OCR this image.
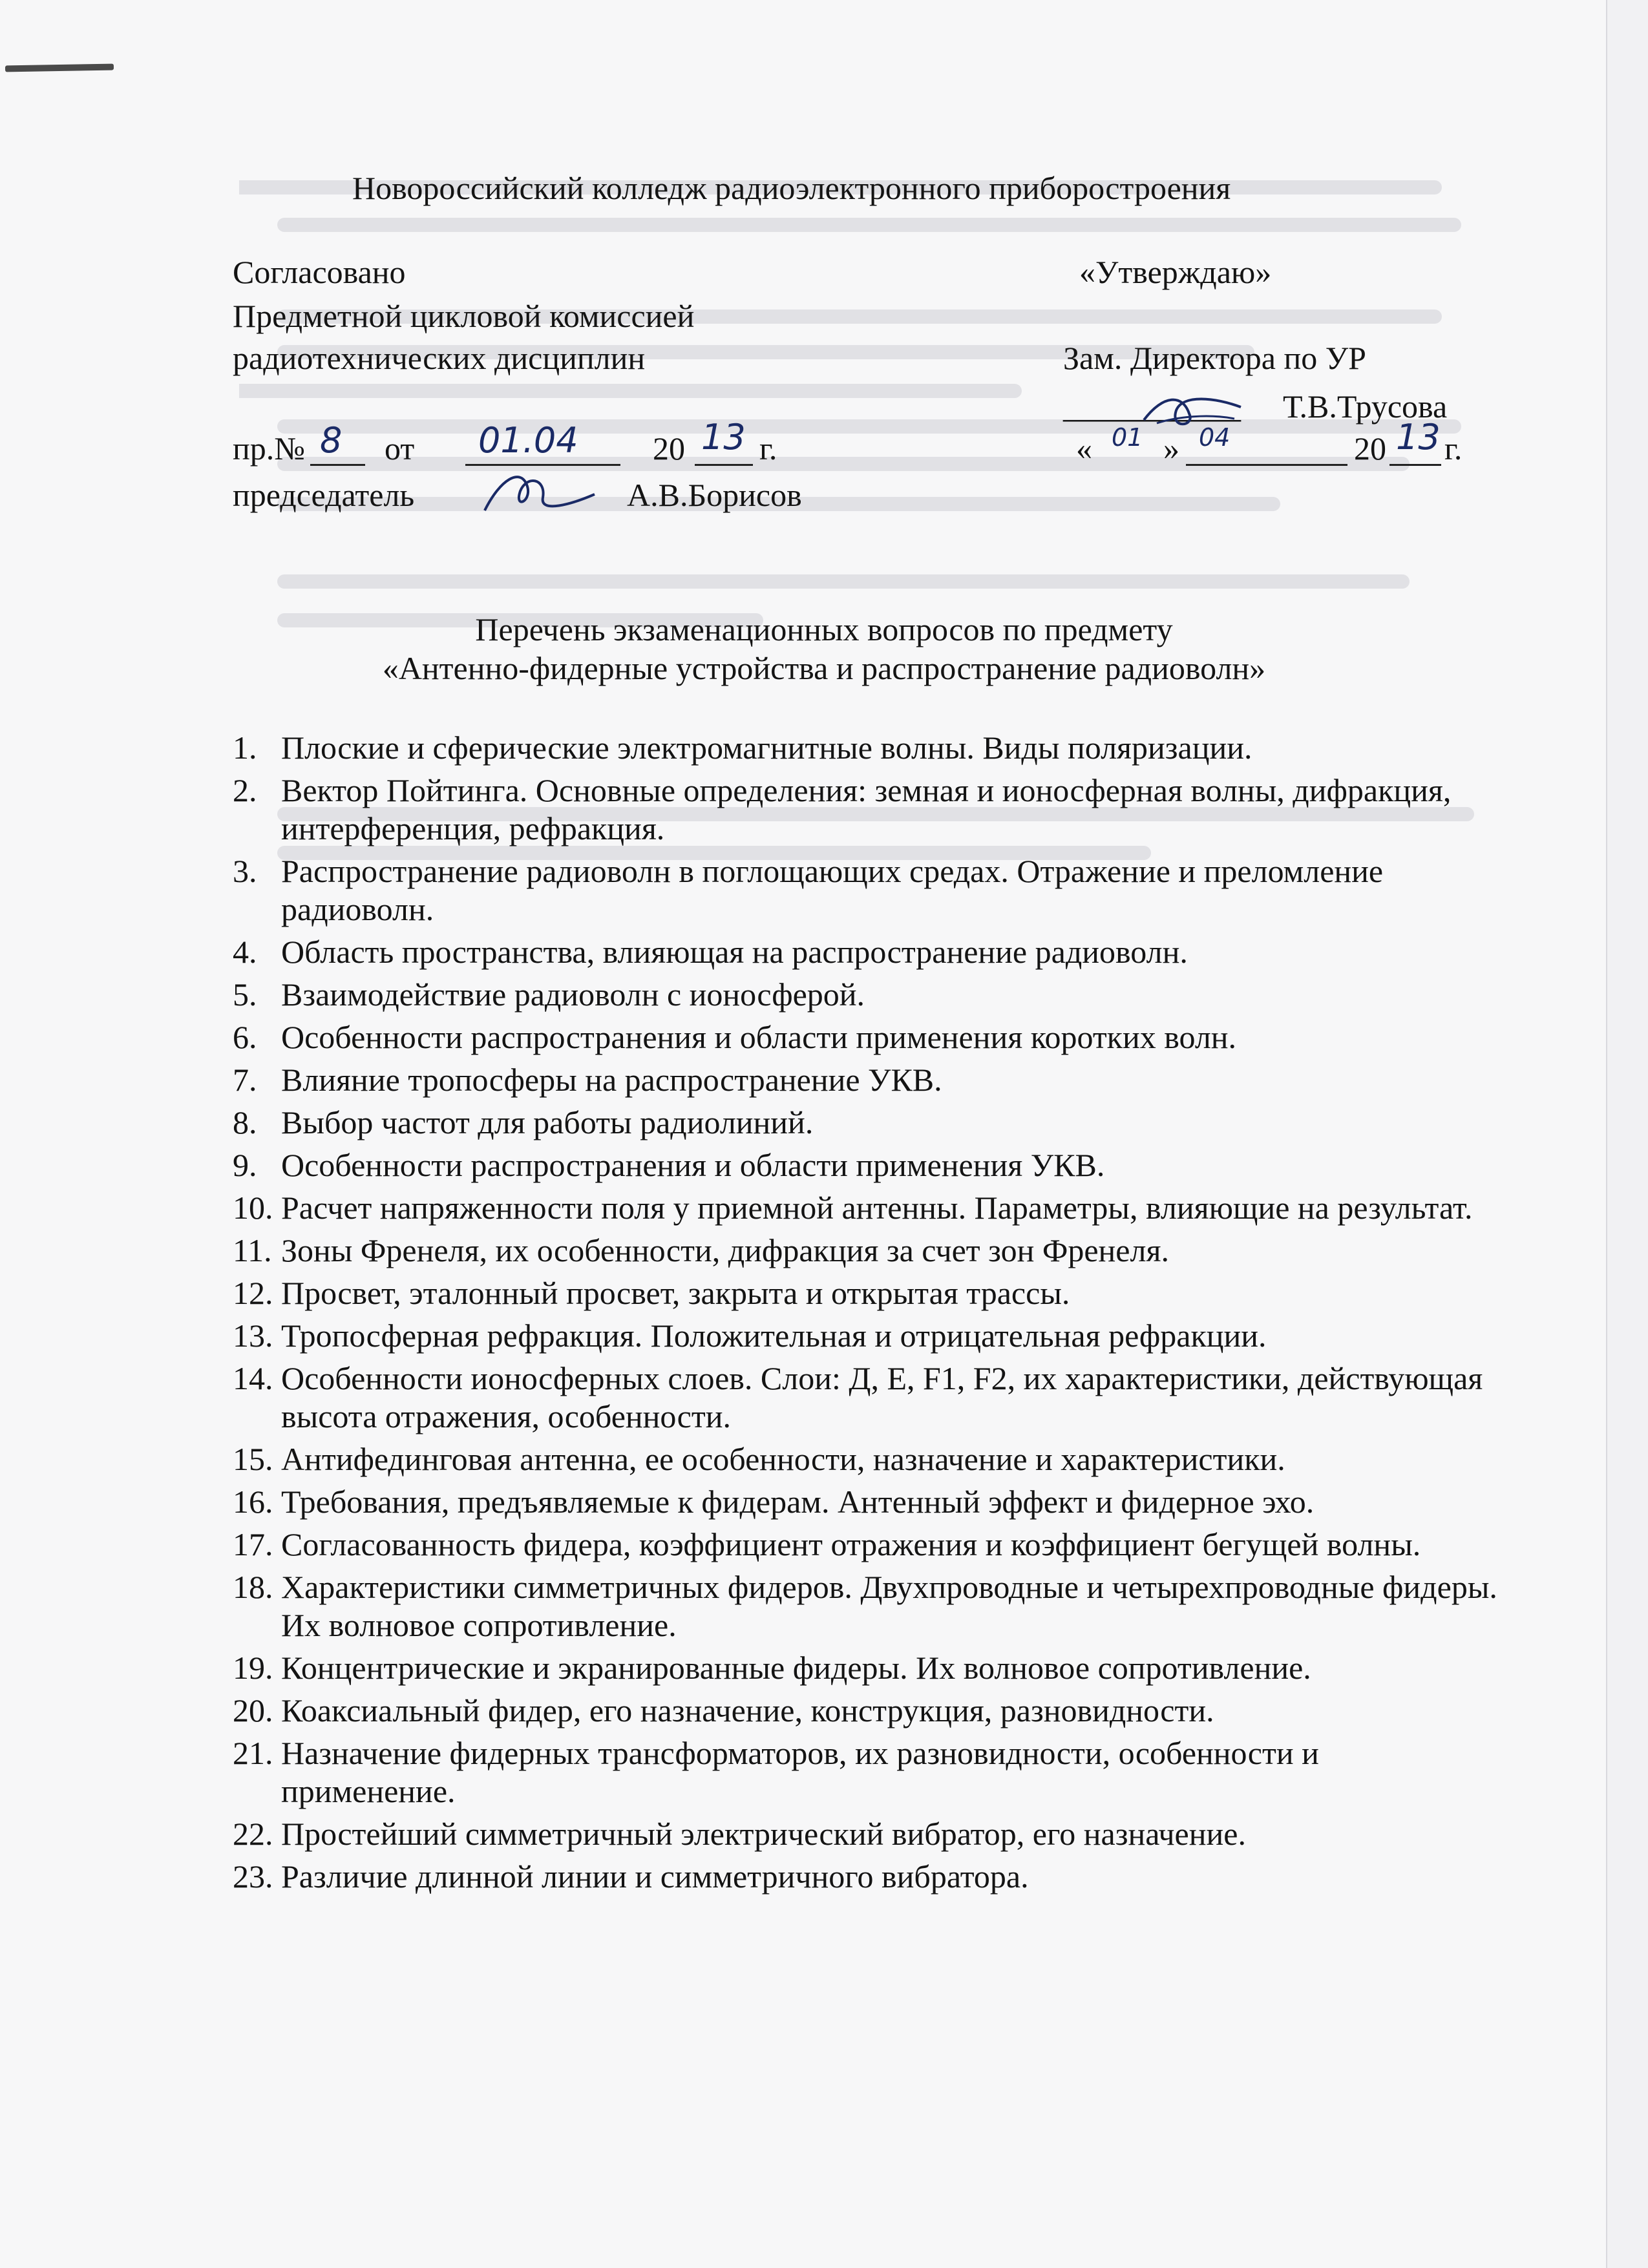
Новороссийский колледж радиоэлектронного приборостроения
Согласовано	«Утверждаю»
Предметной цикловой комиссией
радиотехнических дисциплин	Зам. Директора по УР
___________ Т.В.Трусова
пр.№ 8 от 01.04 20 13 г.	« 01 » 04	20 13 г.
председатель	А.В.Борисов
Перечень экзаменационных вопросов по предмету
«Антенно-фидерные устройства и распространение радиоволн»
1. Плоские и сферические электромагнитные волны. Виды поляризации.
2. Вектор Пойтинга. Основные определения: земная и ионосферная волны, дифракция, интерференция, рефракция.
3. Распространение радиоволн в поглощающих средах. Отражение и преломление радиоволн.
4. Область пространства, влияющая на распространение радиоволн.
5. Взаимодействие радиоволн с ионосферой.
6. Особенности распространения и области применения коротких волн.
7. Влияние тропосферы на распространение УКВ.
8. Выбор частот для работы радиолиний.
9. Особенности распространения и области применения УКВ.
10. Расчет напряженности поля у приемной антенны. Параметры, влияющие на результат.
11. Зоны Френеля, их особенности, дифракция за счет зон Френеля.
12. Просвет, эталонный просвет, закрыта и открытая трассы.
13. Тропосферная рефракция. Положительная и отрицательная рефракции.
14. Особенности ионосферных слоев. Слои: Д, Е, F1, F2, их характеристики, действующая высота отражения, особенности.
15. Антифединговая антенна, ее особенности, назначение и характеристики.
16. Требования, предъявляемые к фидерам. Антенный эффект и фидерное эхо.
17. Согласованность фидера, коэффициент отражения и коэффициент бегущей волны.
18. Характеристики симметричных фидеров. Двухпроводные и четырехпроводные фидеры. Их волновое сопротивление.
19. Концентрические и экранированные фидеры. Их волновое сопротивление.
20. Коаксиальный фидер, его назначение, конструкция, разновидности.
21. Назначение фидерных трансформаторов, их разновидности, особенности и применение.
22. Простейший симметричный электрический вибратор, его назначение.
23. Различие длинной линии и симметричного вибратора.
